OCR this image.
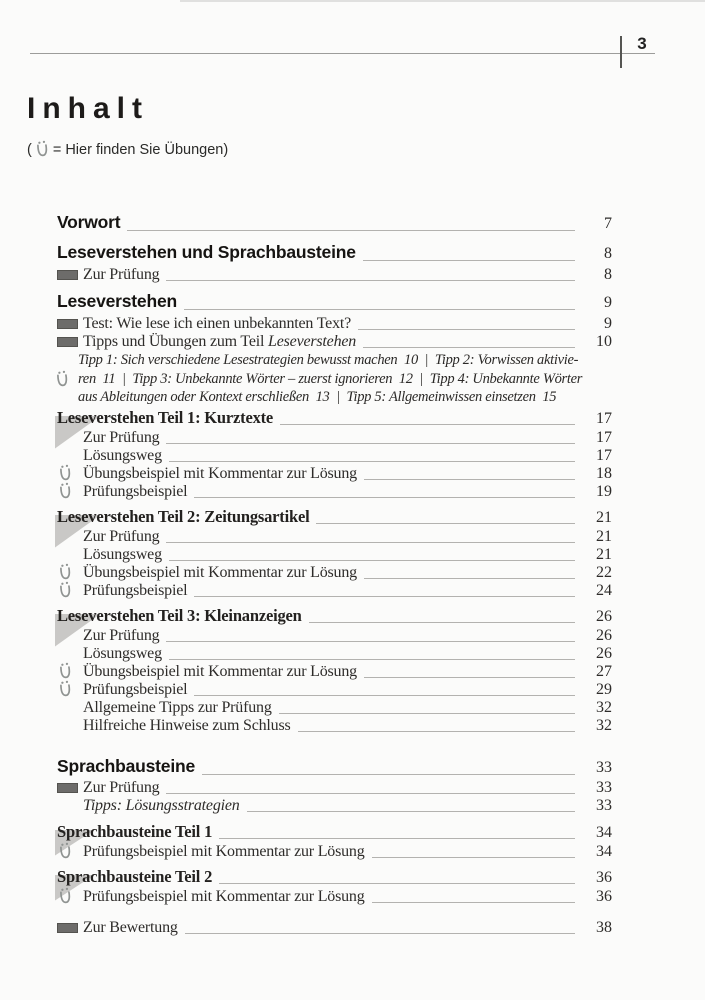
3
Inhalt
( = Hier finden Sie Übungen)
Vorwort	7
Leseverstehen und Sprachbausteine	8
Zur Prüfung	8
Leseverstehen	9
Test: Wie lese ich einen unbekannten Text?	9
Tipps und Übungen zum Teil Leseverstehen	10
Tipp 1: Sich verschiedene Lesestrategien bewusst machen  10  |  Tipp 2: Vorwissen aktivie-
ren  11  |  Tipp 3: Unbekannte Wörter – zuerst ignorieren  12  |  Tipp 4: Unbekannte Wörter
aus Ableitungen oder Kontext erschließen  13  |  Tipp 5: Allgemeinwissen einsetzen  15
Leseverstehen Teil 1: Kurztexte	17
Zur Prüfung	17
Lösungsweg	17
Übungsbeispiel mit Kommentar zur Lösung	18
Prüfungsbeispiel	19
Leseverstehen Teil 2: Zeitungsartikel	21
Zur Prüfung	21
Lösungsweg	21
Übungsbeispiel mit Kommentar zur Lösung	22
Prüfungsbeispiel	24
Leseverstehen Teil 3: Kleinanzeigen	26
Zur Prüfung	26
Lösungsweg	26
Übungsbeispiel mit Kommentar zur Lösung	27
Prüfungsbeispiel	29
Allgemeine Tipps zur Prüfung	32
Hilfreiche Hinweise zum Schluss	32
Sprachbausteine	33
Zur Prüfung	33
Tipps: Lösungsstrategien	33
Sprachbausteine Teil 1	34
Prüfungsbeispiel mit Kommentar zur Lösung	34
Sprachbausteine Teil 2	36
Prüfungsbeispiel mit Kommentar zur Lösung	36
Zur Bewertung	38
